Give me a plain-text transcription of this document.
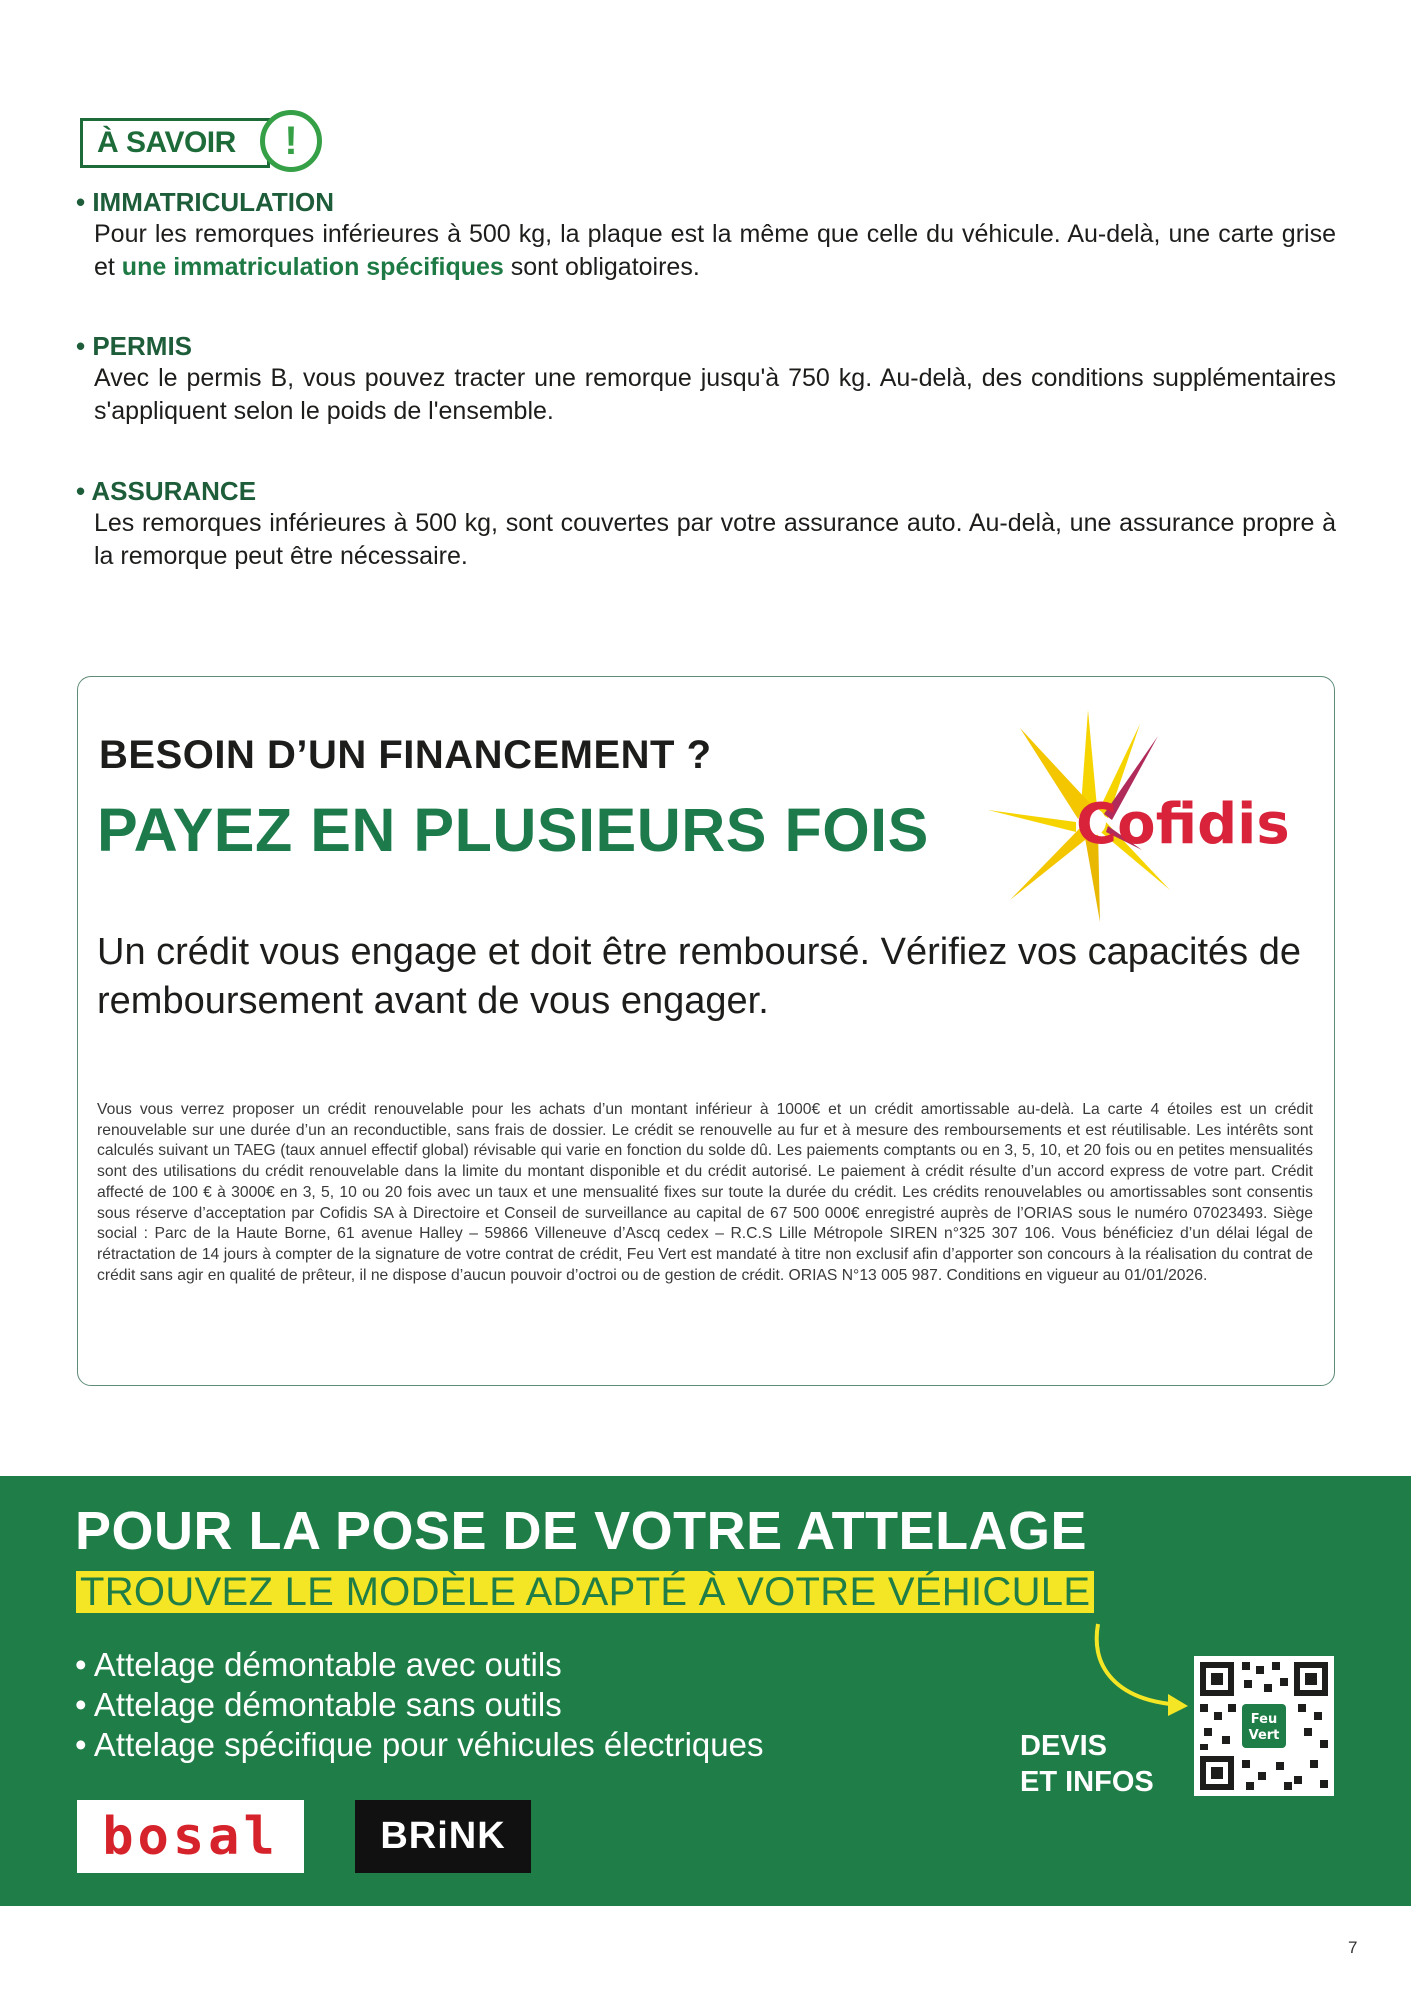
À SAVOIR	!
• IMMATRICULATION
Pour les remorques inférieures à 500 kg, la plaque est la même que celle du véhicule. Au-delà, une carte grise et une immatriculation spécifiques sont obligatoires.
• PERMIS
Avec le permis B, vous pouvez tracter une remorque jusqu'à 750 kg. Au-delà, des conditions supplémentaires s'appliquent selon le poids de l'ensemble.
• ASSURANCE
Les remorques inférieures à 500 kg, sont couvertes par votre assurance auto. Au-delà, une assurance propre à la remorque peut être nécessaire.
BESOIN D’UN FINANCEMENT ?
PAYEZ EN PLUSIEURS FOIS	Cofidis
Un crédit vous engage et doit être remboursé. Vérifiez vos capacités de remboursement avant de vous engager.
Vous vous verrez proposer un crédit renouvelable pour les achats d’un montant inférieur à 1000€ et un crédit amortissable au-delà. La carte 4 étoiles est un crédit renouvelable sur une durée d’un an reconductible, sans frais de dossier. Le crédit se renouvelle au fur et à mesure des remboursements et est réutilisable. Les intérêts sont calculés suivant un TAEG (taux annuel effectif global) révisable qui varie en fonction du solde dû. Les paiements comptants ou en 3, 5, 10, et 20 fois ou en petites mensualités sont des utilisations du crédit renouvelable dans la limite du montant disponible et du crédit autorisé. Le paiement à crédit résulte d’un accord express de votre part. Crédit affecté de 100 € à 3000€ en 3, 5, 10 ou 20 fois avec un taux et une mensualité fixes sur toute la durée du crédit. Les crédits renouvelables ou amortissables sont consentis sous réserve d’acceptation par Cofidis SA à Directoire et Conseil de surveillance au capital de 67 500 000€ enregistré auprès de l’ORIAS sous le numéro 07023493. Siège social : Parc de la Haute Borne, 61 avenue Halley – 59866 Villeneuve d’Ascq cedex – R.C.S Lille Métropole SIREN n°325 307 106. Vous bénéficiez d’un délai légal de rétractation de 14 jours à compter de la signature de votre contrat de crédit, Feu Vert est mandaté à titre non exclusif afin d’apporter son concours à la réalisation du contrat de crédit sans agir en qualité de prêteur, il ne dispose d’aucun pouvoir d’octroi ou de gestion de crédit. ORIAS N°13 005 987. Conditions en vigueur au 01/01/2026.
POUR LA POSE DE VOTRE ATTELAGE
TROUVEZ LE MODÈLE ADAPTÉ À VOTRE VÉHICULE
• Attelage démontable avec outils
• Attelage démontable sans outils
• Attelage spécifique pour véhicules électriques	DEVIS
ET INFOS
Feu
Vert
bosal	BRiNK
7
